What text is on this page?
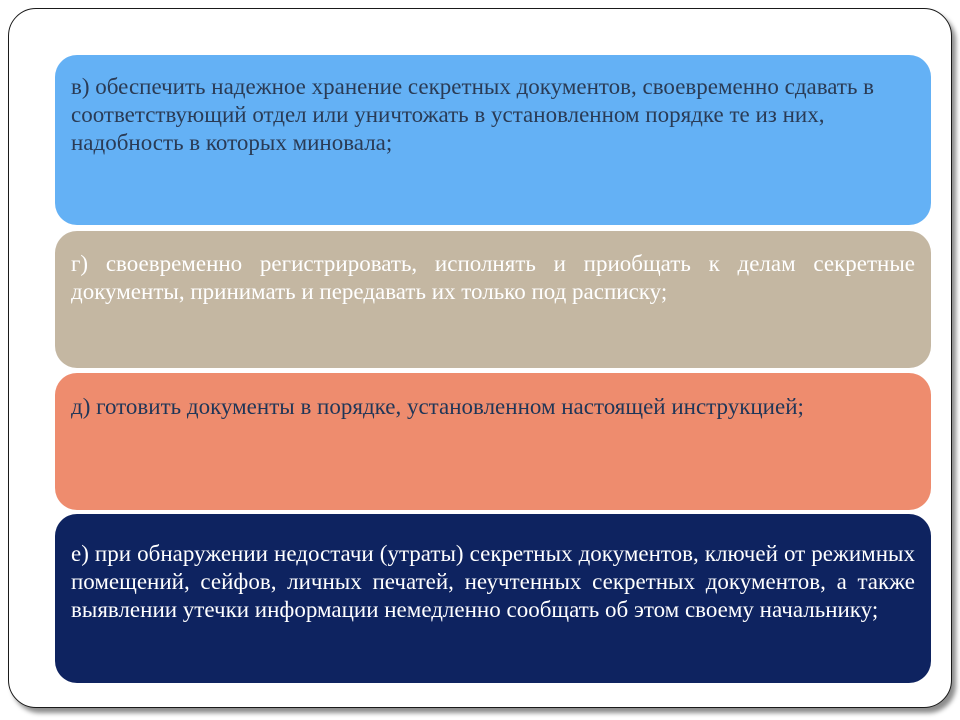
в) обеспечить надежное хранение секретных документов, своевременно сдавать в соответствующий отдел или уничтожать в установленном порядке те из них, надобность в которых миновала;

г) своевременно регистрировать, исполнять и приобщать к делам секретные документы, принимать и передавать их только под расписку;

д) готовить документы в порядке, установленном настоящей инструкцией;

е) при обнаружении недостачи (утраты) секретных документов, ключей от режимных помещений, сейфов, личных печатей, неучтенных секретных документов, а также выявлении утечки информации немедленно сообщать об этом своему начальнику;
